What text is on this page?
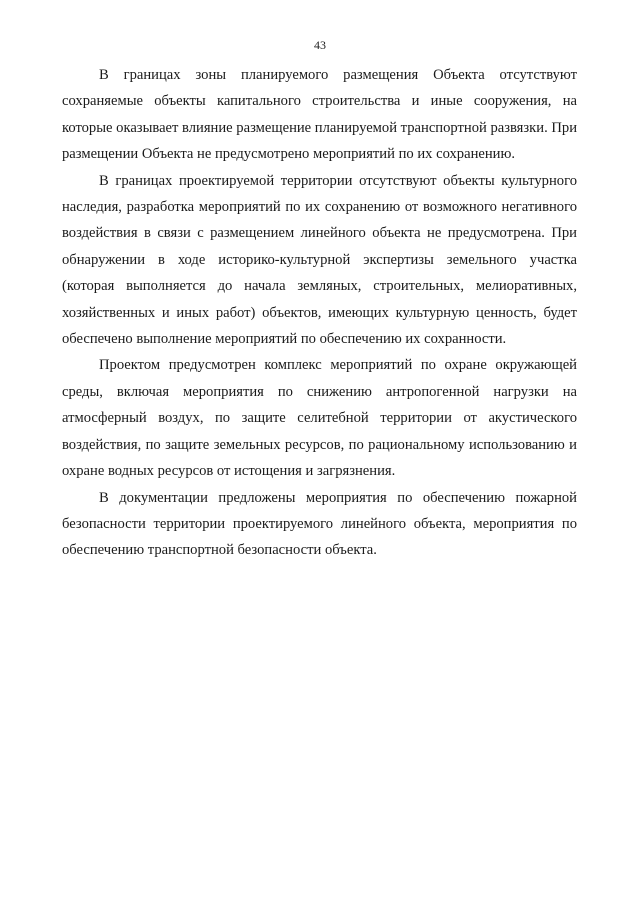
43

В границах зоны планируемого размещения Объекта отсутствуют сохраняемые объекты капитального строительства и иные сооружения, на которые оказывает влияние размещение планируемой транспортной развязки. При размещении Объекта не предусмотрено мероприятий по их сохранению.

В границах проектируемой территории отсутствуют объекты культурного наследия, разработка мероприятий по их сохранению от возможного негативного воздействия в связи с размещением линейного объекта не предусмотрена. При обнаружении в ходе историко-культурной экспертизы земельного участка (которая выполняется до начала земляных, строительных, мелиоративных, хозяйственных и иных работ) объектов, имеющих культурную ценность, будет обеспечено выполнение мероприятий по обеспечению их сохранности.

Проектом предусмотрен комплекс мероприятий по охране окружающей среды, включая мероприятия по снижению антропогенной нагрузки на атмосферный воздух, по защите селитебной территории от акустического воздействия, по защите земельных ресурсов, по рациональному использованию и охране водных ресурсов от истощения и загрязнения.

В документации предложены мероприятия по обеспечению пожарной безопасности территории проектируемого линейного объекта, мероприятия по обеспечению транспортной безопасности объекта.
